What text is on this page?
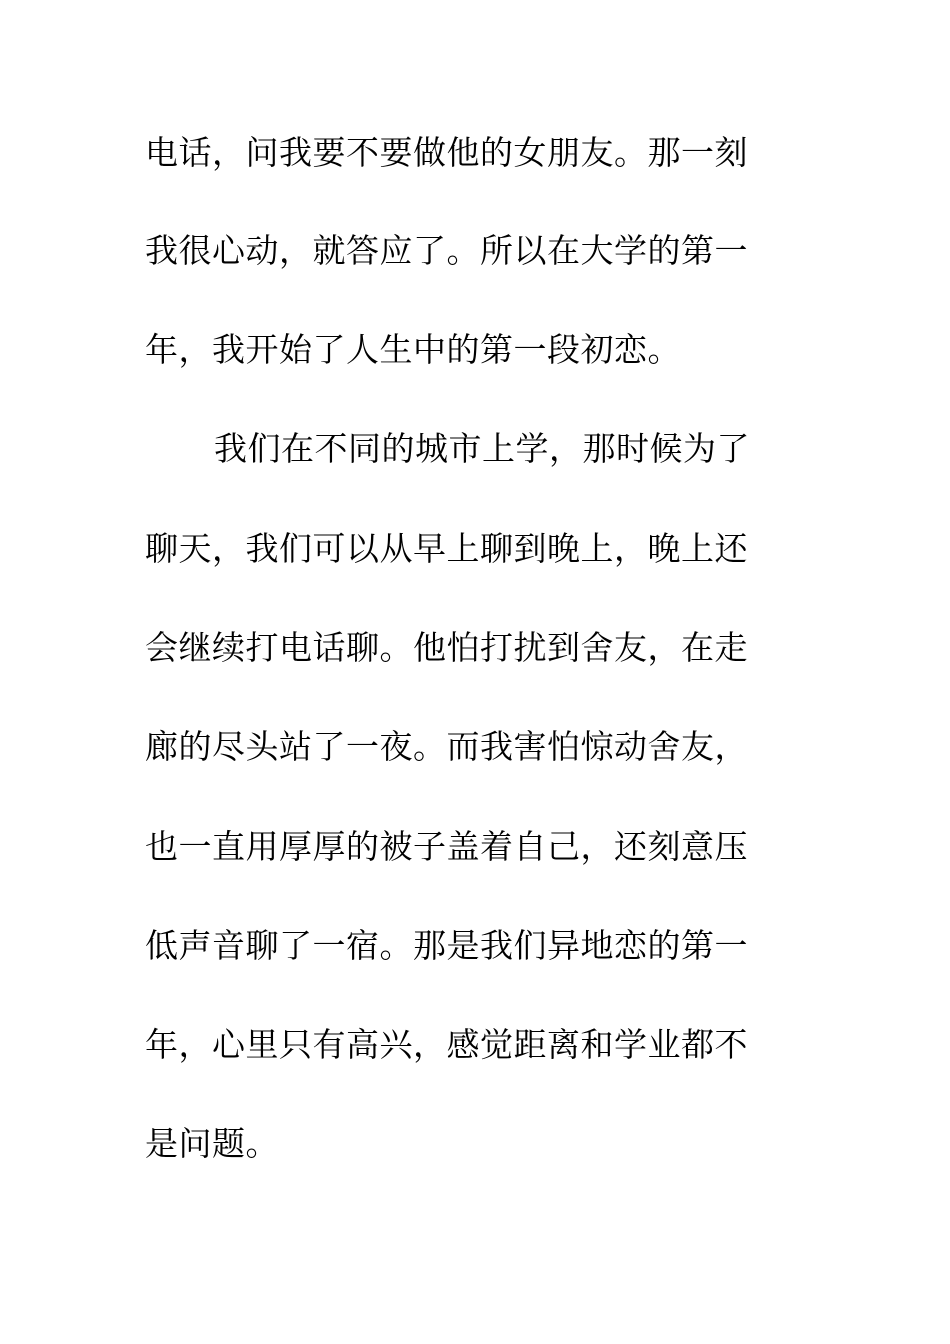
电话，问我要不要做他的女朋友。那一刻
我很心动，就答应了。所以在大学的第一
年，我开始了人生中的第一段初恋。
我们在不同的城市上学，那时候为了
聊天，我们可以从早上聊到晚上，晚上还
会继续打电话聊。他怕打扰到舍友，在走
廊的尽头站了一夜。而我害怕惊动舍友，
也一直用厚厚的被子盖着自己，还刻意压
低声音聊了一宿。那是我们异地恋的第一
年，心里只有高兴，感觉距离和学业都不
是问题。
